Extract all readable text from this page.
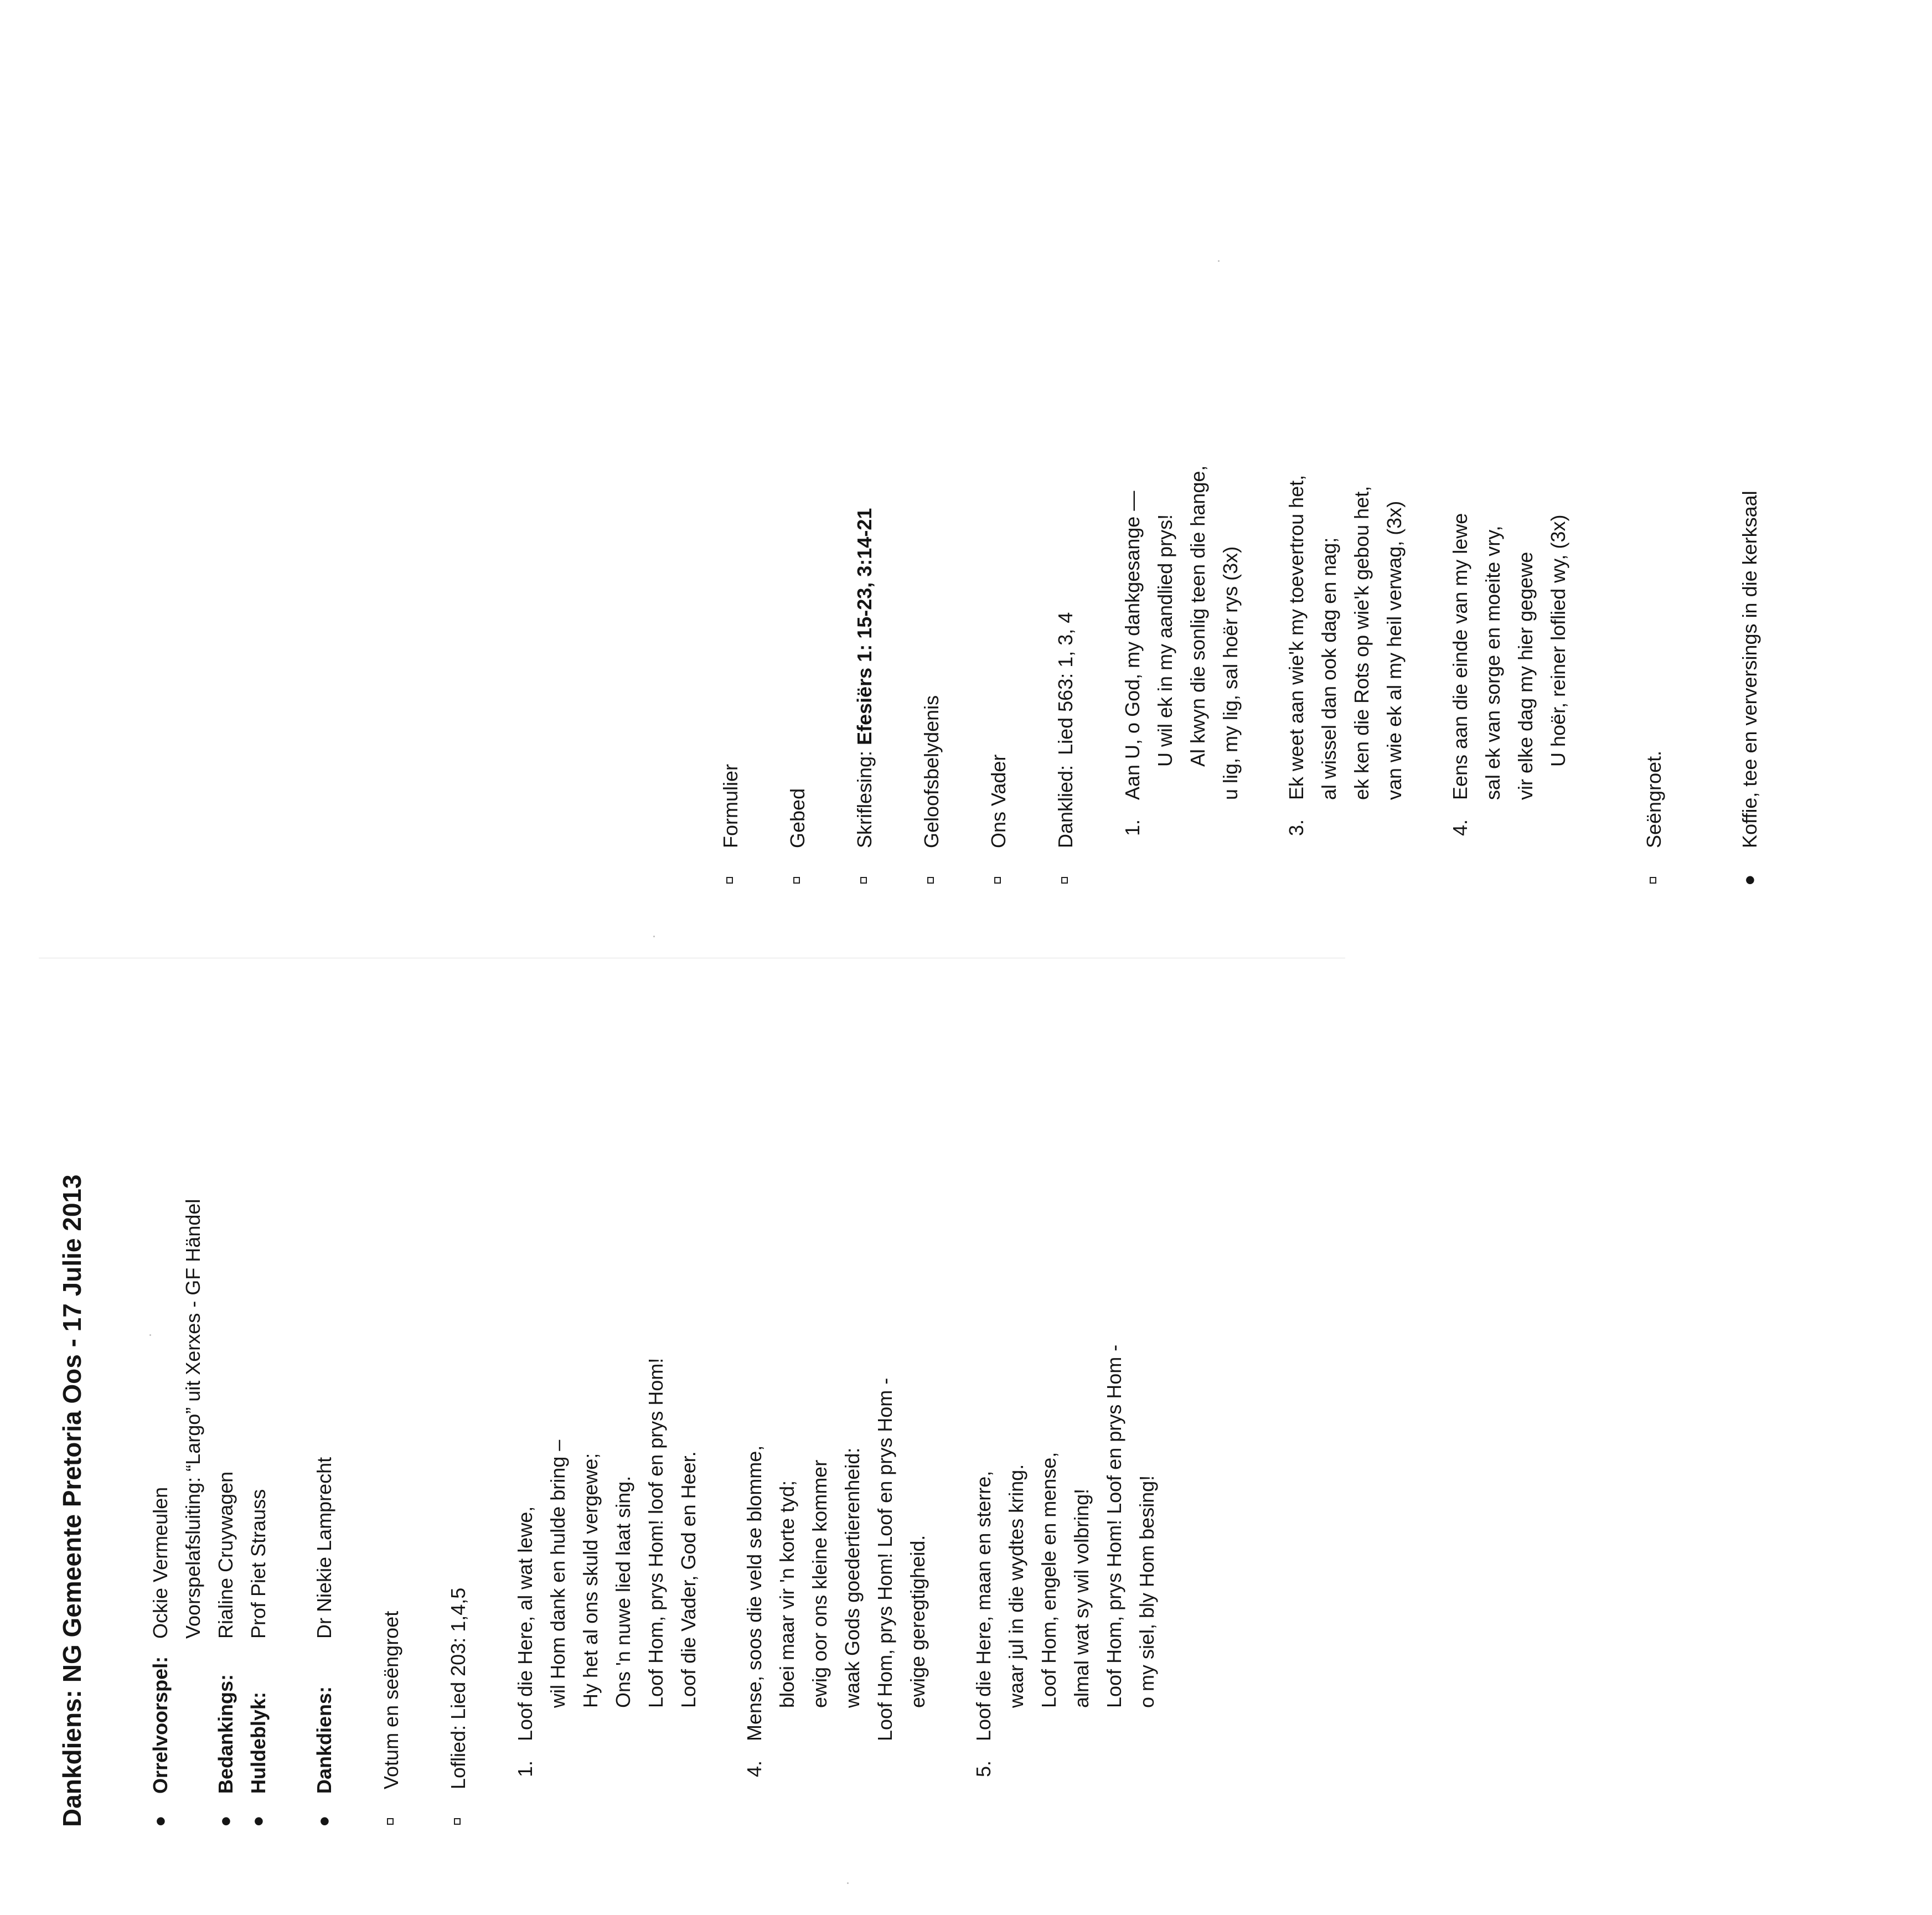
Dankdiens: NG Gemeente Pretoria Oos - 17 Julie 2013	●
Orrelvoorspel:
Ockie Vermeulen Voorspelafsluiting: “Largo” uit Xerxes - GF Händel
●
Bedankings:
Rialine Cruywagen
●
Huldeblyk:
Prof Piet Strauss
●
Dankdiens:
Dr Niekie Lamprecht
Votum en seëngroet Loflied: Lied 203: 1,4,5 1.
Loof die Here, al wat lewe, wil Hom dank en hulde bring – Hy het al ons skuld vergewe; Ons 'n nuwe lied laat sing. Loof Hom, prys Hom! loof en prys Hom! Loof die Vader, God en Heer.
4.
Mense, soos die veld se blomme, bloei maar vir 'n korte tyd; ewig oor ons kleine kommer waak Gods goedertierenheid: Loof Hom, prys Hom! Loof en prys Hom - ewige geregtigheid.
5.
Loof die Here, maan en sterre, waar jul in die wydtes kring. Loof Hom, engele en mense, almal wat sy wil volbring! Loof Hom, prys Hom! Loof en prys Hom - o my siel, bly Hom besing!
Formulier Gebed Skriflesing: Efesiërs 1: 15-23, 3:14-21
Geloofsbelydenis Ons Vader Danklied:Lied 563: 1, 3, 4
1.
Aan U, o God, my dankgesange — U wil ek in my aandlied prys! Al kwyn die sonlig teen die hange, u lig, my lig, sal hoër rys (3x)
3.
Ek weet aan wie'k my toevertrou het, al wissel dan ook dag en nag; ek ken die Rots op wie'k gebou het, van wie ek al my heil verwag, (3x)
4.
Eens aan die einde van my lewe sal ek van sorge en moeite vry, vir elke dag my hier gegewe U hoër, reiner loflied wy, (3x)
Seëngroet.
●
Koffie, tee en verversings in die kerksaal
